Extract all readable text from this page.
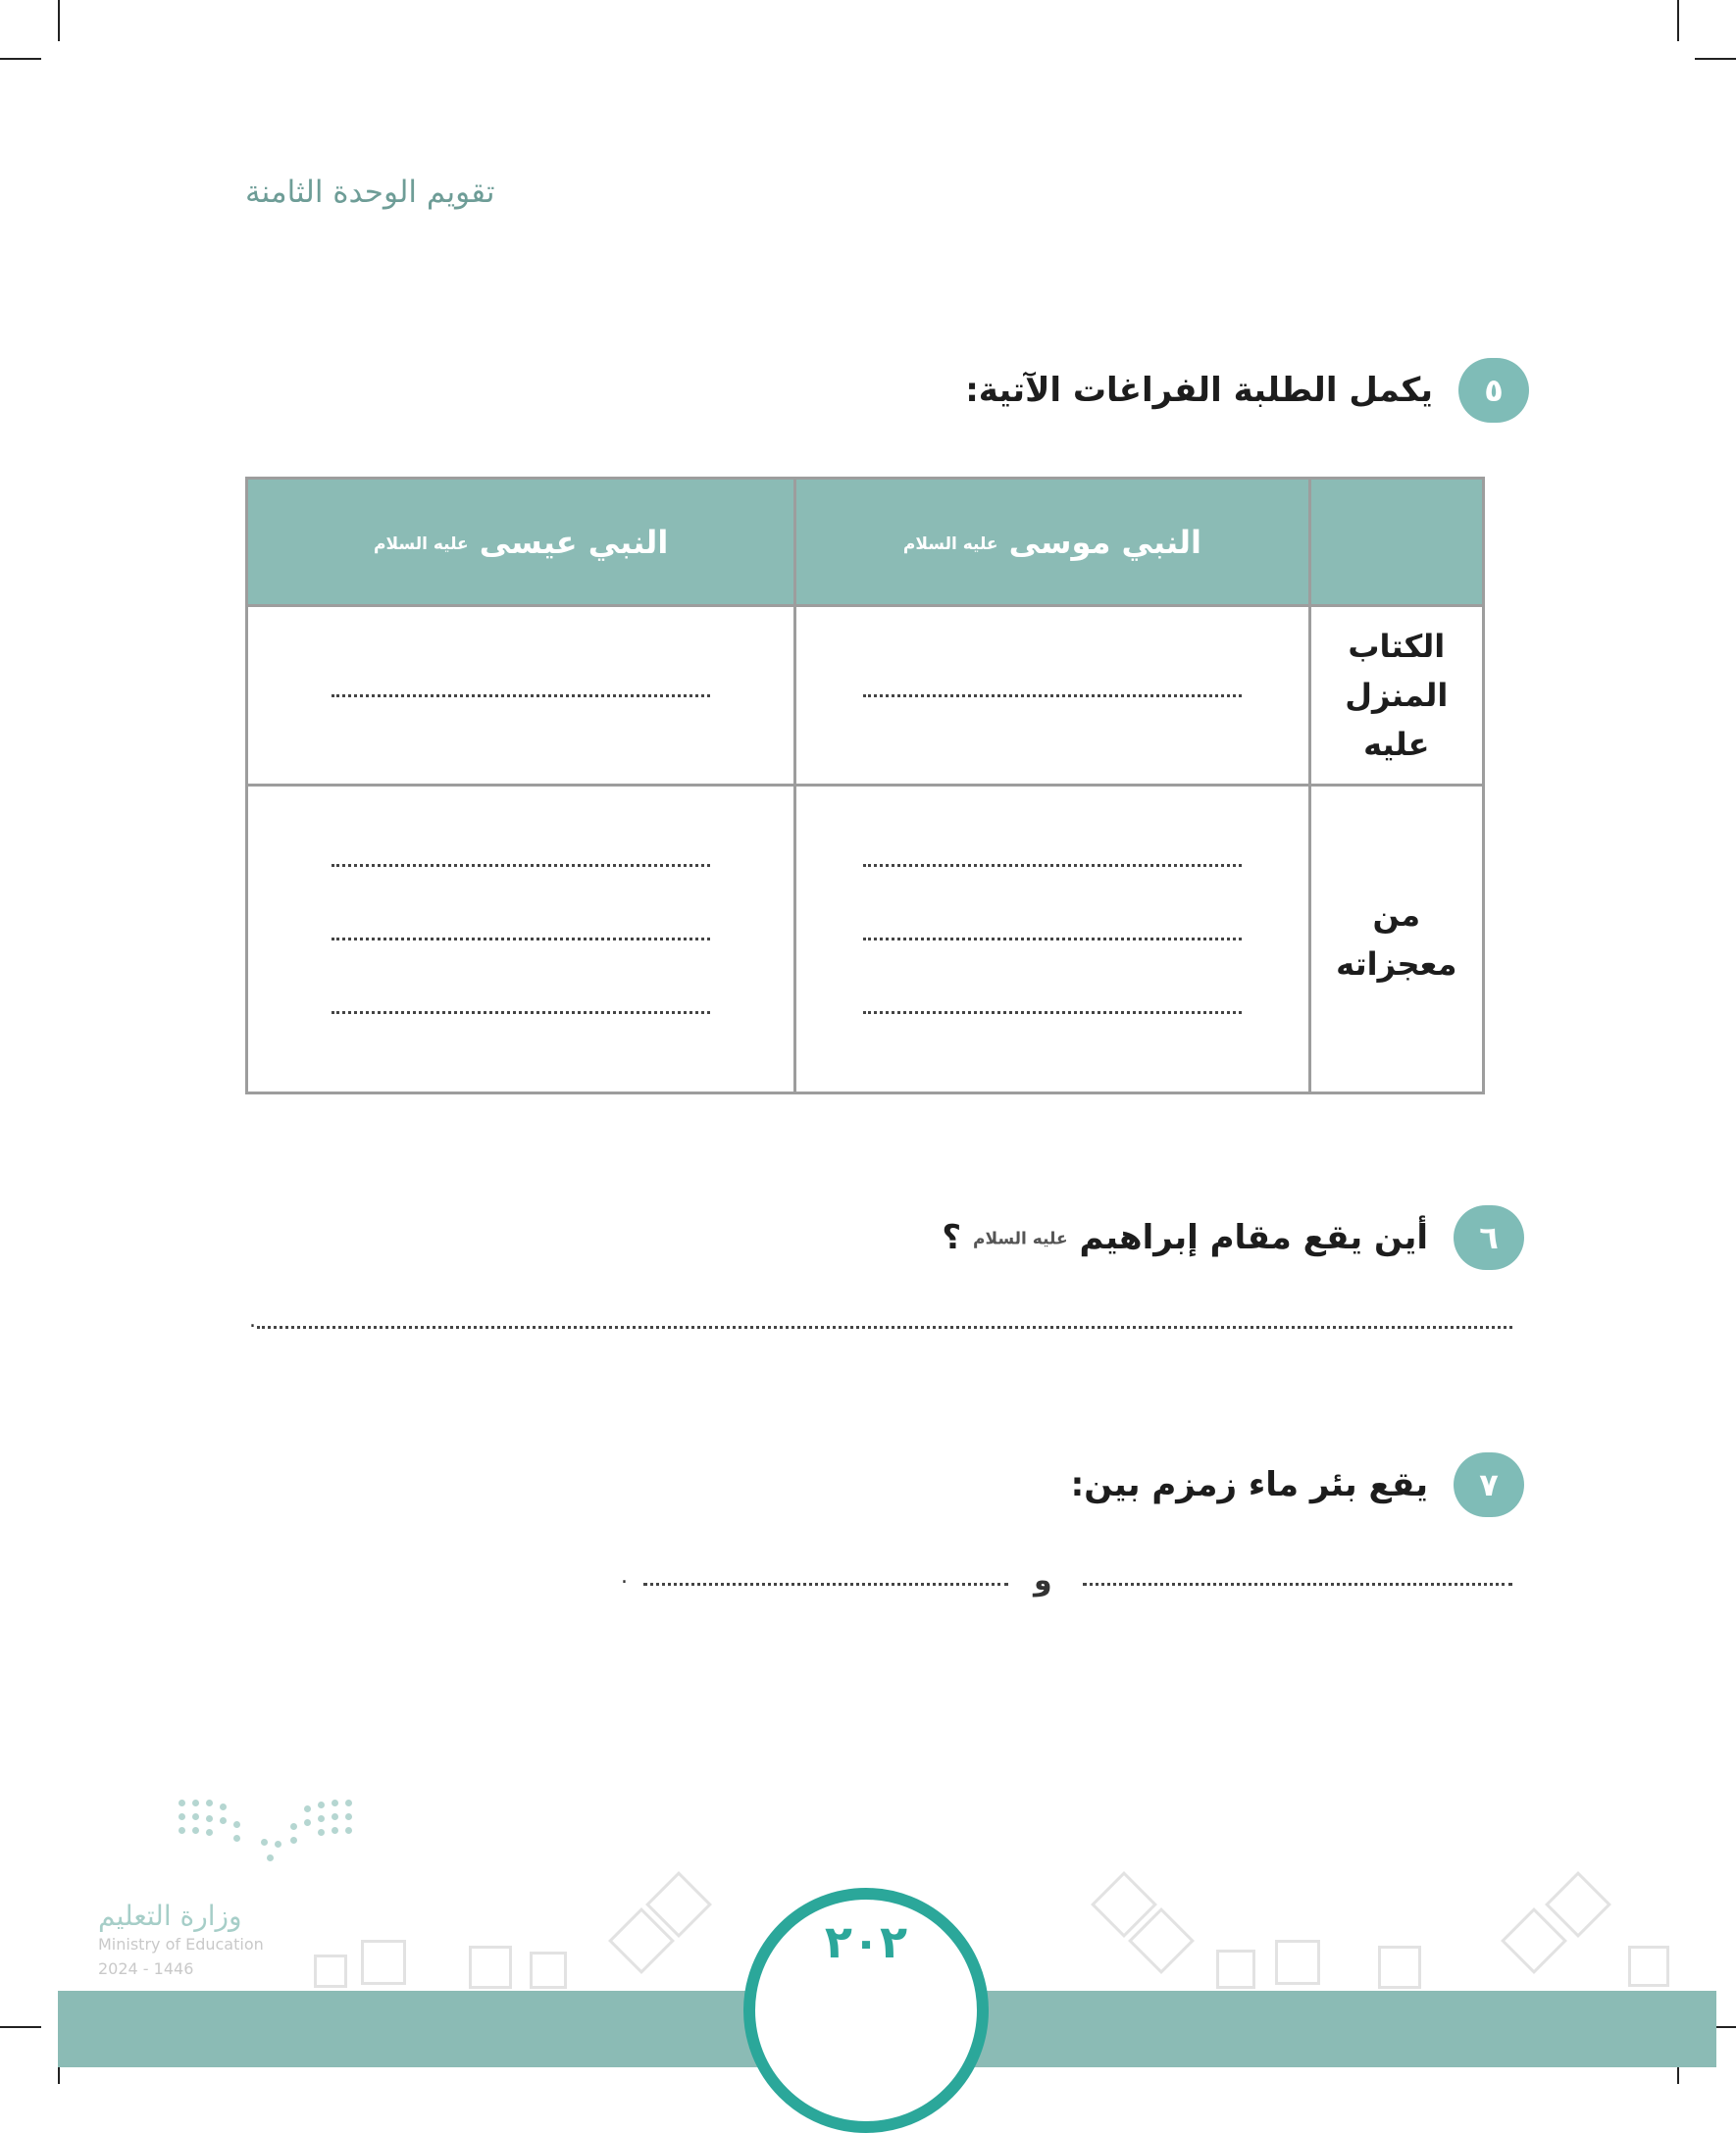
تقويم الوحدة الثامنة
٥
يكمل الطلبة الفراغات الآتية:
	النبي موسى عليه السلام	النبي عيسى عليه السلام

الكتاب
المنزل
عليه		

من
معجزاته		

٦
أين يقع مقام إبراهيم عليه السلام ؟
.
٧
يقع بئر ماء زمزم بين:
و
.
٢٠٢
وزارة التعليم
Ministry of Education
2024 - 1446
